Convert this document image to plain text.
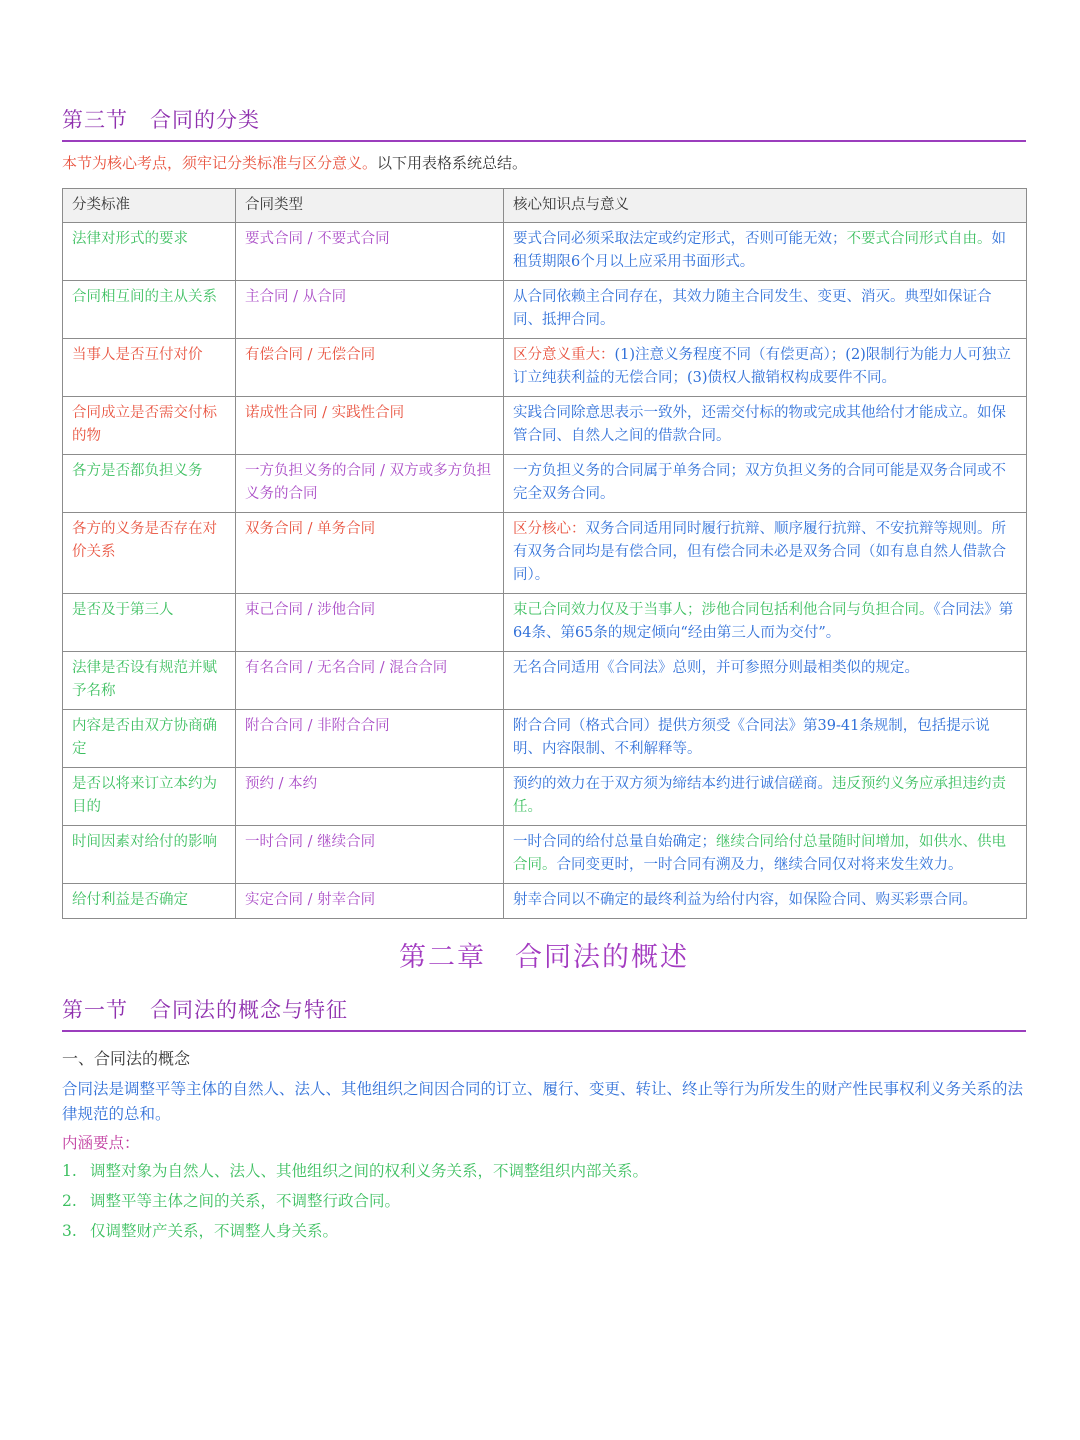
第三节　合同的分类
本节为核心考点，须牢记分类标准与区分意义。以下用表格系统总结。
分类标准	合同类型	核心知识点与意义
法律对形式的要求	要式合同 / 不要式合同	要式合同必须采取法定或约定形式，否则可能无效；不要式合同形式自由。如租赁期限6个月以上应采用书面形式。
合同相互间的主从关系	主合同 / 从合同	从合同依赖主合同存在，其效力随主合同发生、变更、消灭。典型如保证合同、抵押合同。
当事人是否互付对价	有偿合同 / 无偿合同	区分意义重大：(1)注意义务程度不同（有偿更高）；(2)限制行为能力人可独立订立纯获利益的无偿合同；(3)债权人撤销权构成要件不同。
合同成立是否需交付标的物	诺成性合同 / 实践性合同	实践合同除意思表示一致外，还需交付标的物或完成其他给付才能成立。如保管合同、自然人之间的借款合同。
各方是否都负担义务	一方负担义务的合同 / 双方或多方负担义务的合同	一方负担义务的合同属于单务合同；双方负担义务的合同可能是双务合同或不完全双务合同。
各方的义务是否存在对价关系	双务合同 / 单务合同	区分核心：双务合同适用同时履行抗辩、顺序履行抗辩、不安抗辩等规则。所有双务合同均是有偿合同，但有偿合同未必是双务合同（如有息自然人借款合同）。
是否及于第三人	束己合同 / 涉他合同	束己合同效力仅及于当事人；涉他合同包括利他合同与负担合同。《合同法》第64条、第65条的规定倾向“经由第三人而为交付”。
法律是否设有规范并赋予名称	有名合同 / 无名合同 / 混合合同	无名合同适用《合同法》总则，并可参照分则最相类似的规定。
内容是否由双方协商确定	附合合同 / 非附合合同	附合合同（格式合同）提供方须受《合同法》第39-41条规制，包括提示说明、内容限制、不利解释等。
是否以将来订立本约为目的	预约 / 本约	预约的效力在于双方须为缔结本约进行诚信磋商。违反预约义务应承担违约责任。
时间因素对给付的影响	一时合同 / 继续合同	一时合同的给付总量自始确定；继续合同给付总量随时间增加，如供水、供电合同。合同变更时，一时合同有溯及力，继续合同仅对将来发生效力。
给付利益是否确定	实定合同 / 射幸合同	射幸合同以不确定的最终利益为给付内容，如保险合同、购买彩票合同。
第二章　合同法的概述
第一节　合同法的概念与特征
一、合同法的概念
合同法是调整平等主体的自然人、法人、其他组织之间因合同的订立、履行、变更、转让、终止等行为所发生的财产性民事权利义务关系的法律规范的总和。
内涵要点：
1. 调整对象为自然人、法人、其他组织之间的权利义务关系，不调整组织内部关系。
2. 调整平等主体之间的关系，不调整行政合同。
3. 仅调整财产关系，不调整人身关系。
